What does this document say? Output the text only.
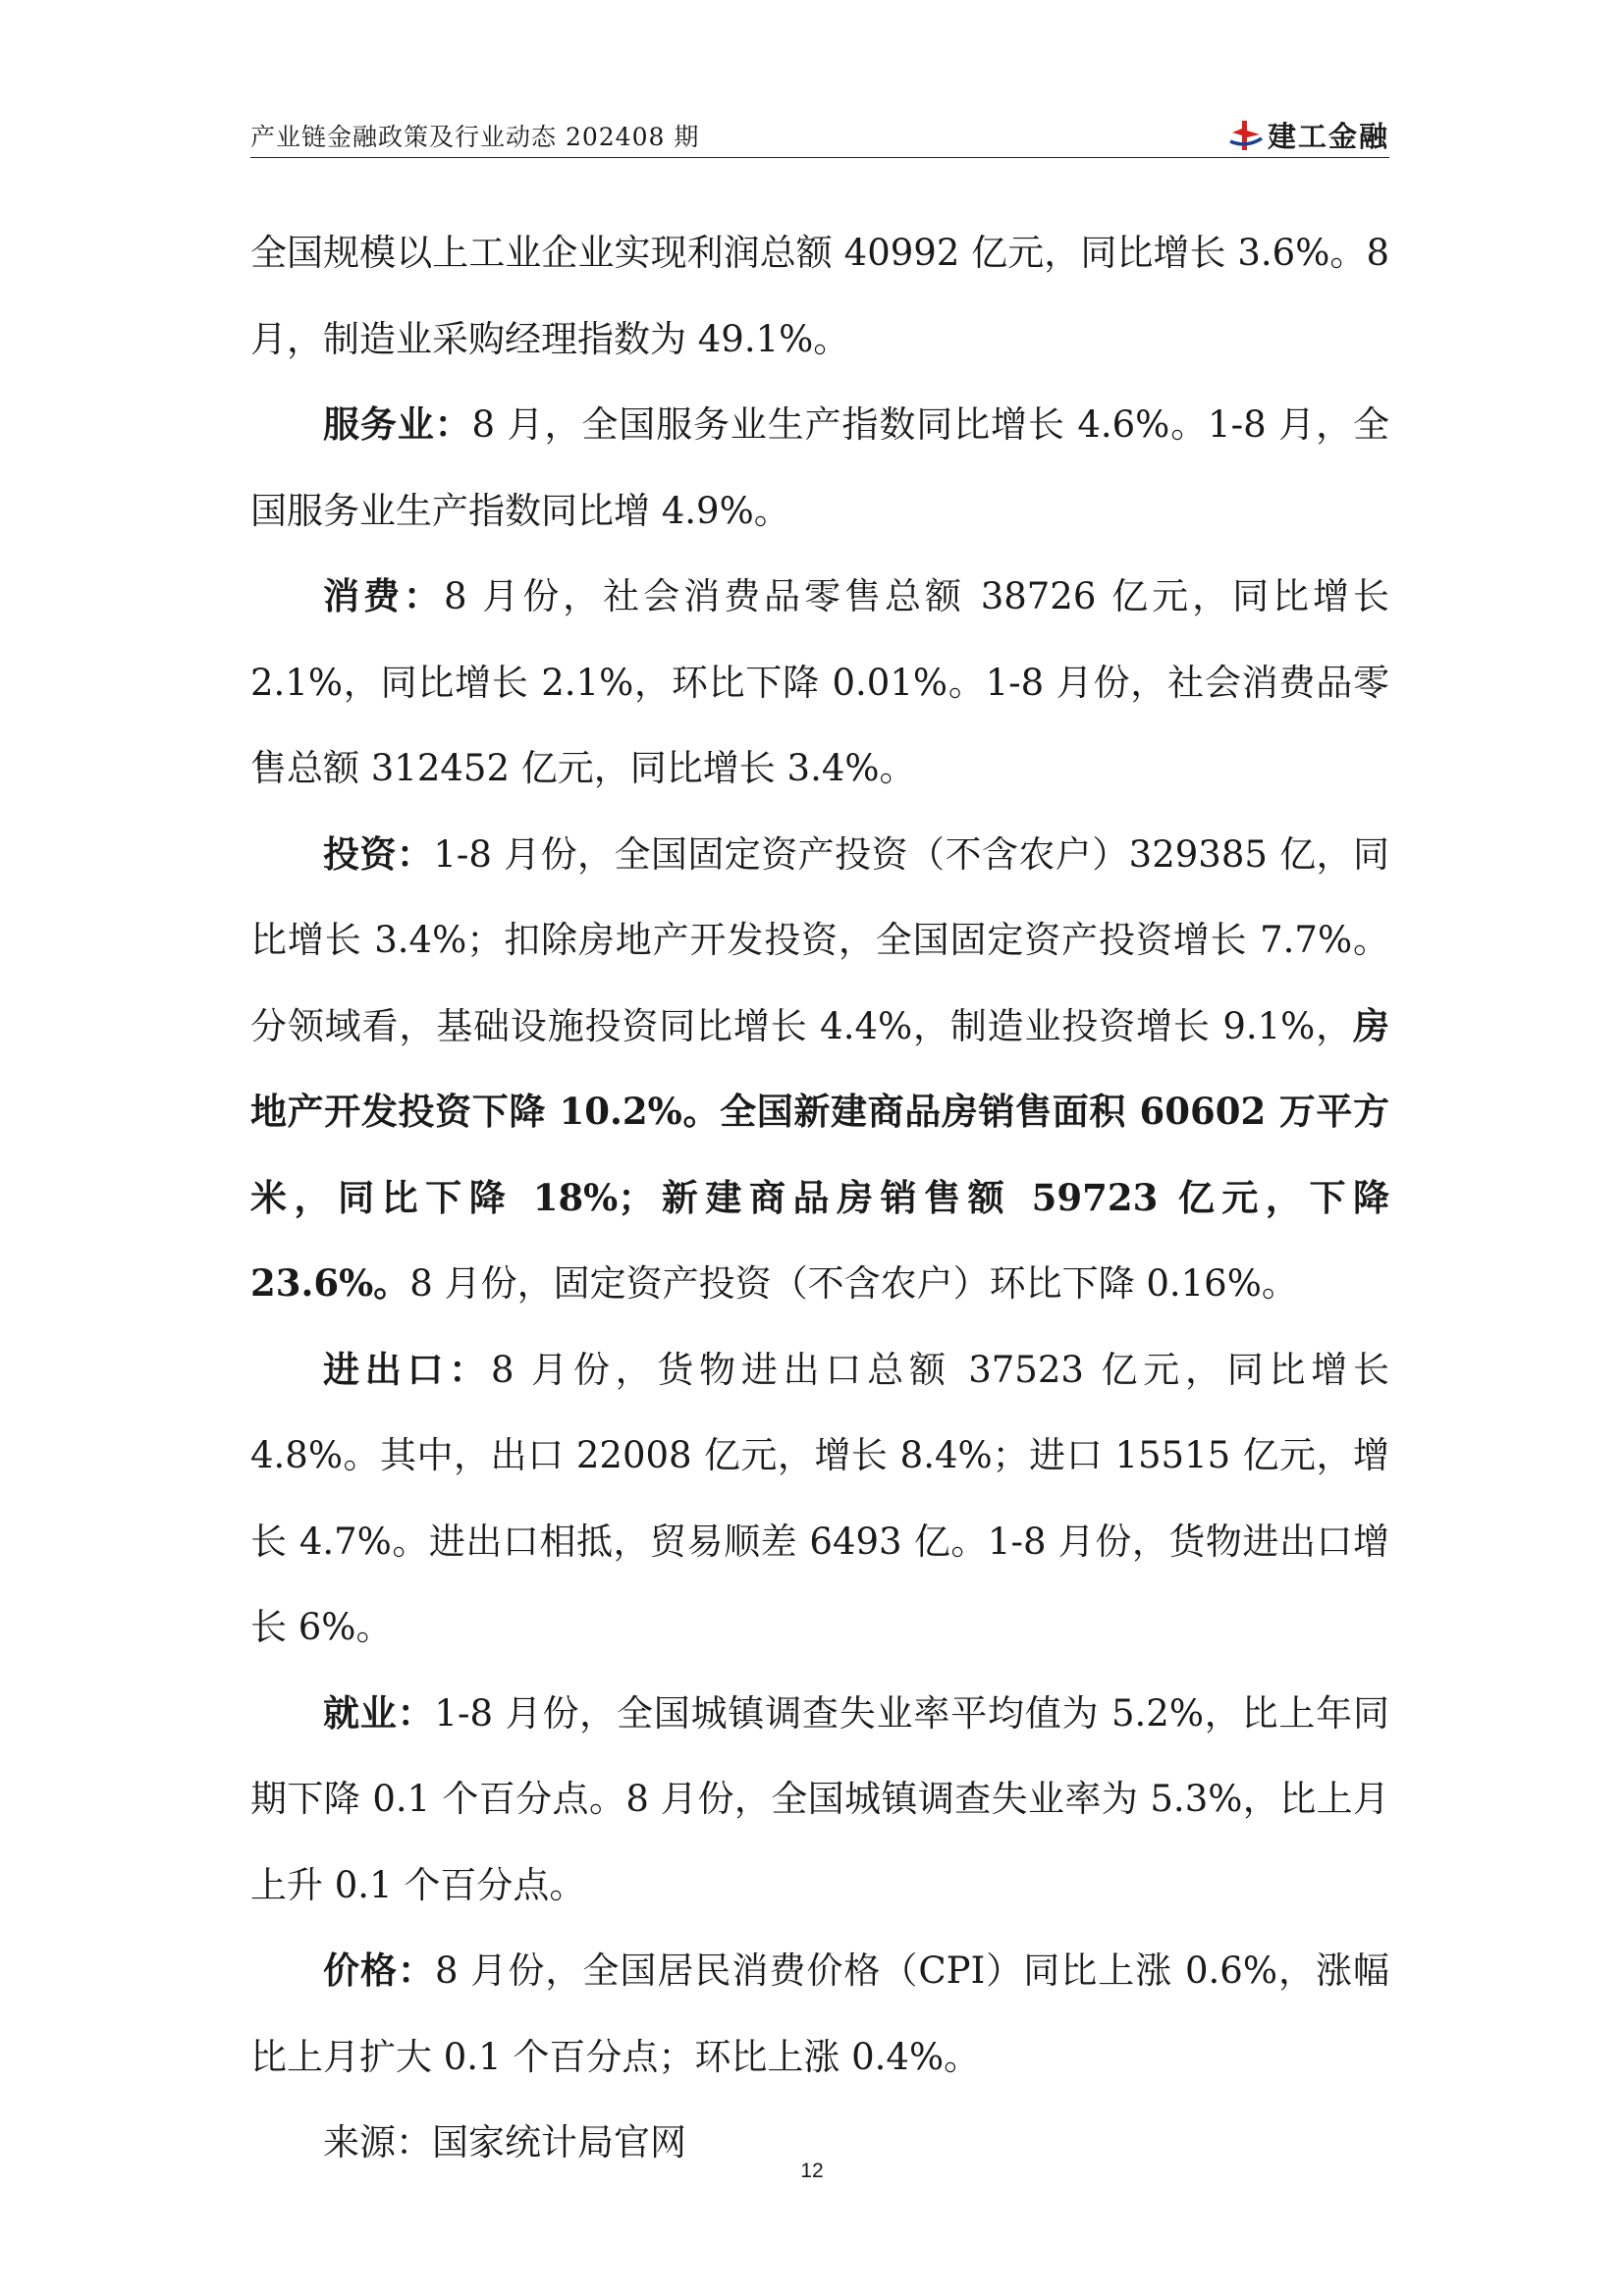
产业链金融政策及行业动态 202408 期	建工金融

全国规模以上工业企业实现利润总额 40992 亿元，同比增长 3.6%。8 月，制造业采购经理指数为 49.1%。

服务业：8 月，全国服务业生产指数同比增长 4.6%。1-8 月，全国服务业生产指数同比增 4.9%。

消费：8 月份，社会消费品零售总额 38726 亿元，同比增长 2.1%，同比增长 2.1%，环比下降 0.01%。1-8 月份，社会消费品零售总额 312452 亿元，同比增长 3.4%。

投资：1-8 月份，全国固定资产投资（不含农户）329385 亿，同比增长 3.4%；扣除房地产开发投资，全国固定资产投资增长 7.7%。分领域看，基础设施投资同比增长 4.4%，制造业投资增长 9.1%，房地产开发投资下降 10.2%。全国新建商品房销售面积 60602 万平方米，同比下降 18%；新建商品房销售额 59723 亿元，下降 23.6%。8 月份，固定资产投资（不含农户）环比下降 0.16%。

进出口：8 月份，货物进出口总额 37523 亿元，同比增长 4.8%。其中，出口 22008 亿元，增长 8.4%；进口 15515 亿元，增长 4.7%。进出口相抵，贸易顺差 6493 亿。1-8 月份，货物进出口增长 6%。

就业：1-8 月份，全国城镇调查失业率平均值为 5.2%，比上年同期下降 0.1 个百分点。8 月份，全国城镇调查失业率为 5.3%，比上月上升 0.1 个百分点。

价格：8 月份，全国居民消费价格（CPI）同比上涨 0.6%，涨幅比上月扩大 0.1 个百分点；环比上涨 0.4%。

来源：国家统计局官网

12
